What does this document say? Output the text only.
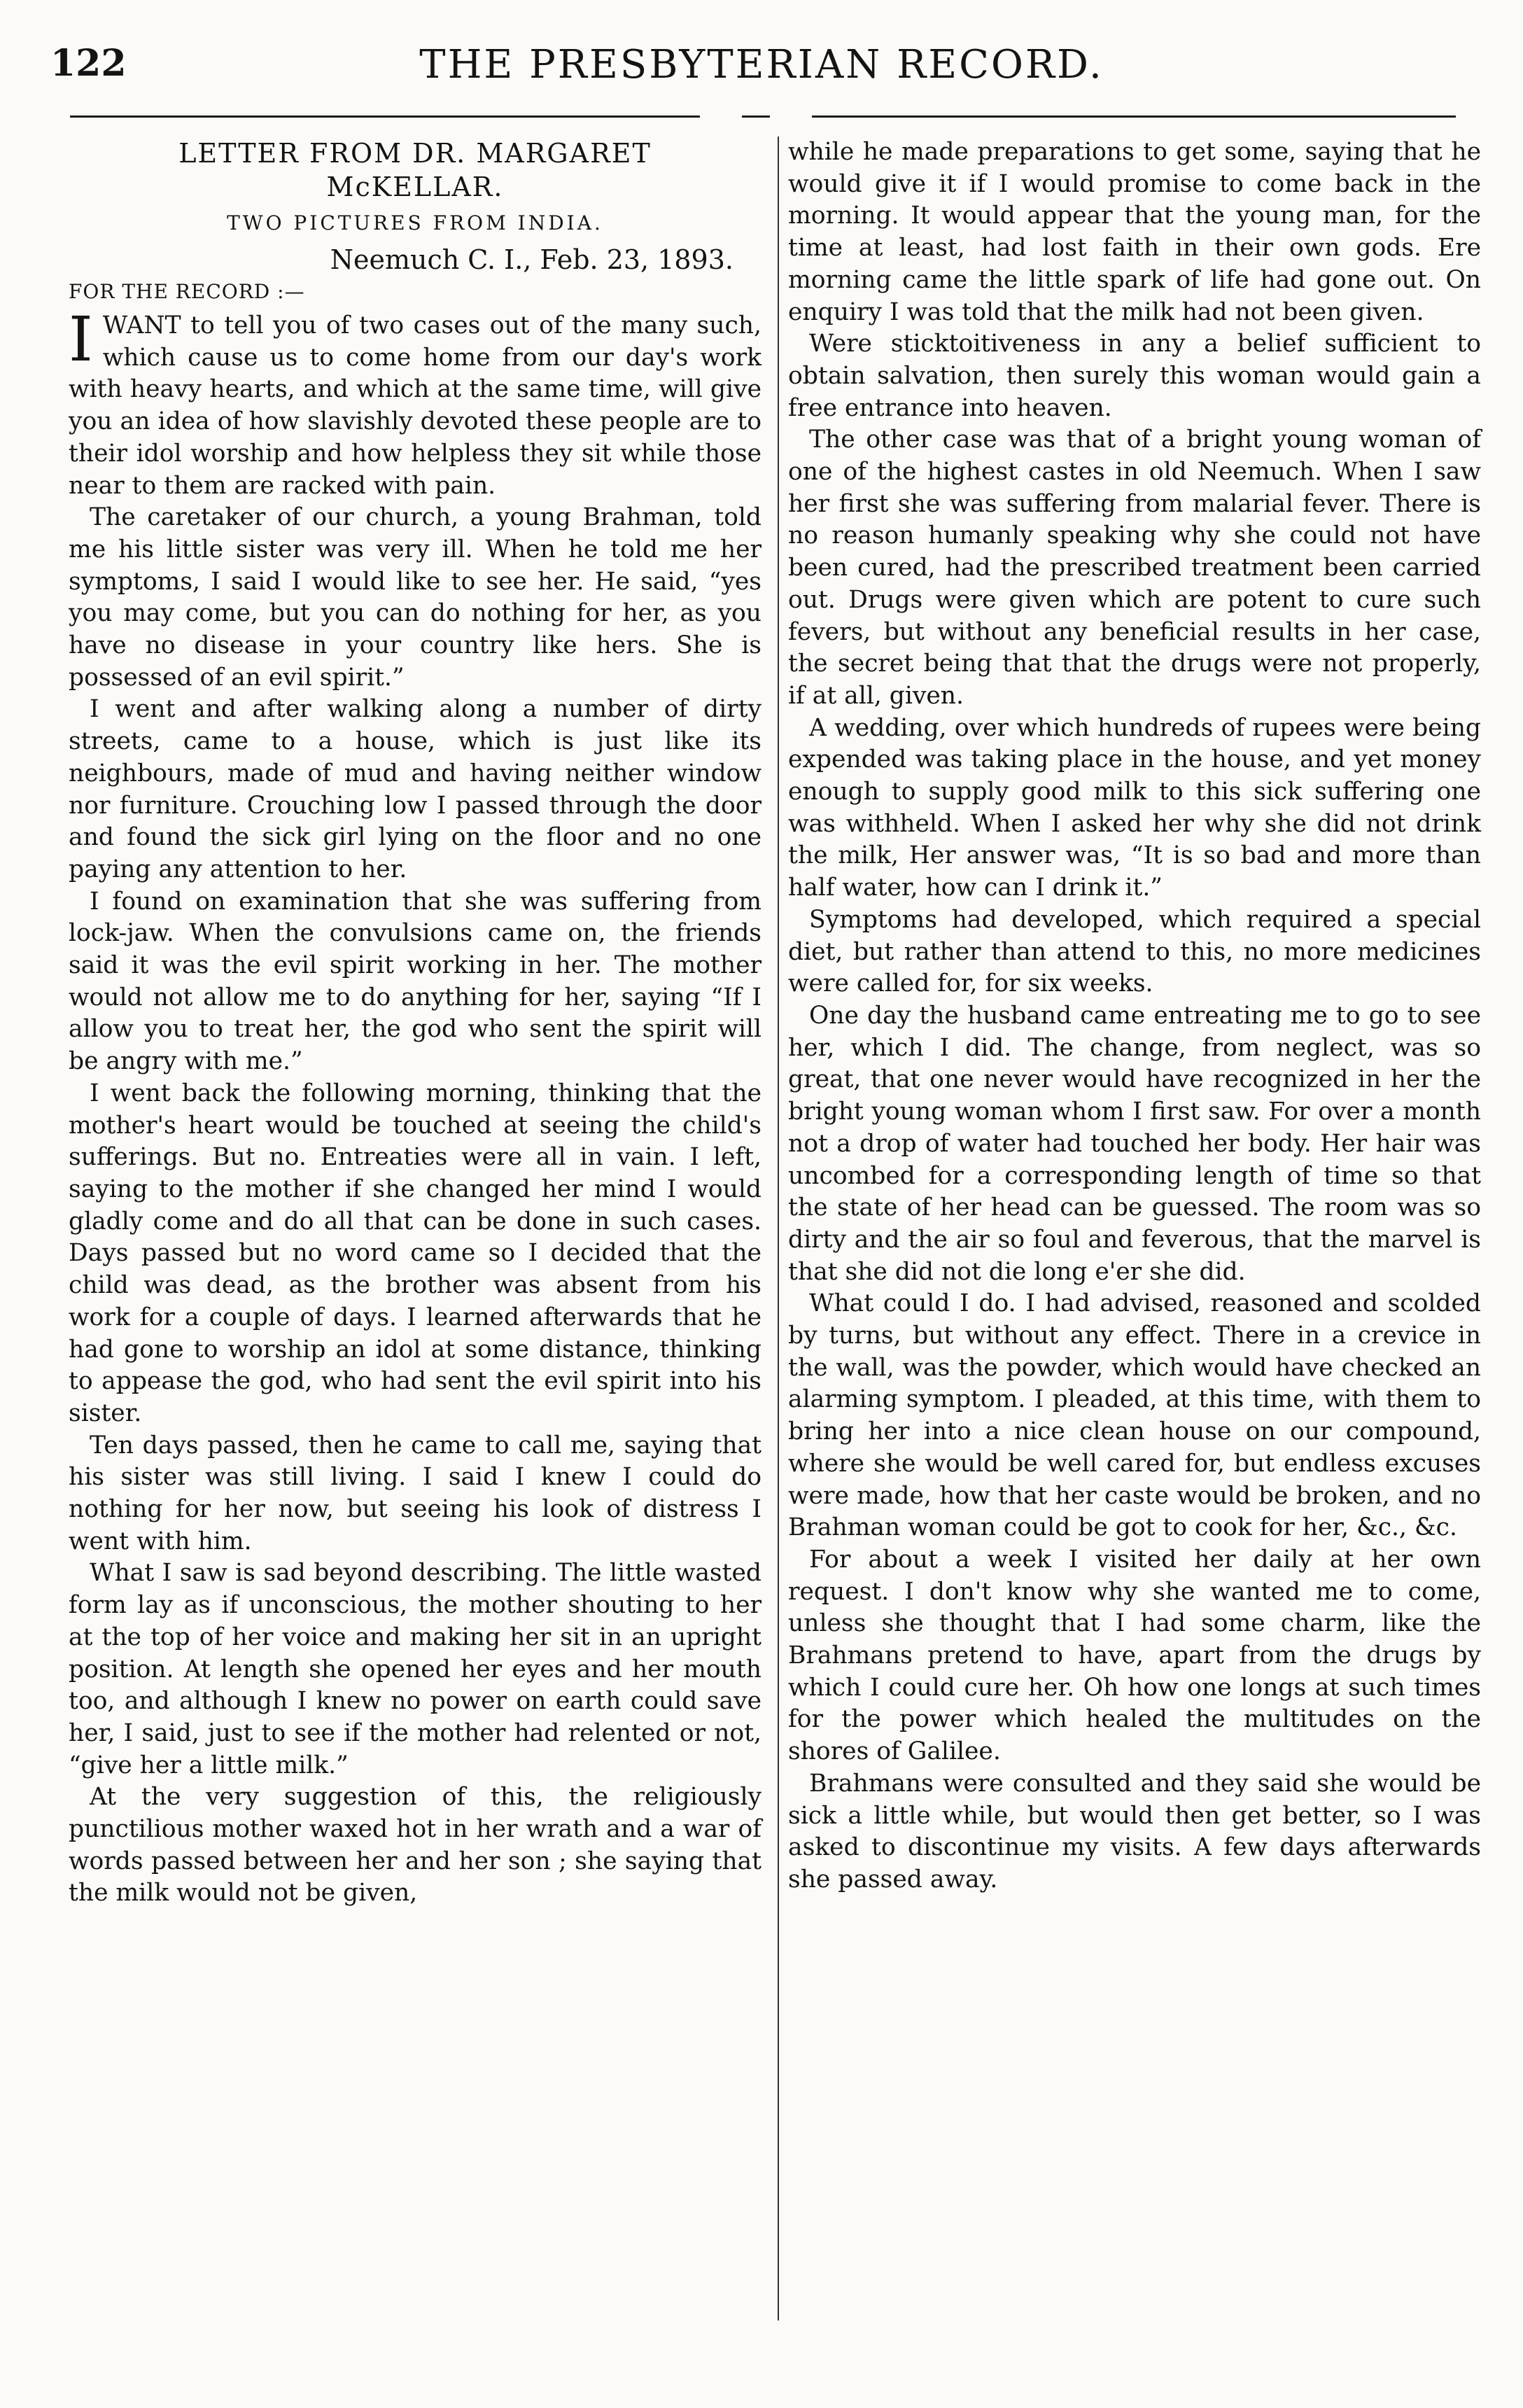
122	THE PRESBYTERIAN RECORD.
LETTER FROM DR. MARGARET
McKELLAR.
TWO PICTURES FROM INDIA.
Neemuch C. I., Feb. 23, 1893.
FOR THE RECORD :—

IWANT to tell you of two cases out of the many such, which cause us to come home from our day's work with heavy hearts, and which at the same time, will give you an idea of how slavishly devoted these people are to their idol worship and how helpless they sit while those near to them are racked with pain.

The caretaker of our church, a young Brahman, told me his little sister was very ill. When he told me her symptoms, I said I would like to see her. He said, “yes you may come, but you can do nothing for her, as you have no disease in your country like hers. She is possessed of an evil spirit.”

I went and after walking along a number of dirty streets, came to a house, which is just like its neighbours, made of mud and having neither window nor furniture. Crouching low I passed through the door and found the sick girl lying on the floor and no one paying any attention to her.

I found on examination that she was suffering from lock-jaw. When the convulsions came on, the friends said it was the evil spirit working in her. The mother would not allow me to do anything for her, saying “If I allow you to treat her, the god who sent the spirit will be angry with me.”

I went back the following morning, thinking that the mother's heart would be touched at seeing the child's sufferings. But no. Entreaties were all in vain. I left, saying to the mother if she changed her mind I would gladly come and do all that can be done in such cases. Days passed but no word came so I decided that the child was dead, as the brother was absent from his work for a couple of days. I learned afterwards that he had gone to worship an idol at some distance, thinking to appease the god, who had sent the evil spirit into his sister.

Ten days passed, then he came to call me, saying that his sister was still living. I said I knew I could do nothing for her now, but seeing his look of distress I went with him.

What I saw is sad beyond describing. The little wasted form lay as if unconscious, the mother shouting to her at the top of her voice and making her sit in an upright position. At length she opened her eyes and her mouth too, and although I knew no power on earth could save her, I said, just to see if the mother had relented or not, “give her a little milk.”

At the very suggestion of this, the religiously punctilious mother waxed hot in her wrath and a war of words passed between her and her son ; she saying that the milk would not be given,

while he made preparations to get some, saying that he would give it if I would promise to come back in the morning. It would appear that the young man, for the time at least, had lost faith in their own gods. Ere morning came the little spark of life had gone out. On enquiry I was told that the milk had not been given.

Were sticktoitiveness in any a belief sufficient to obtain salvation, then surely this woman would gain a free entrance into heaven.

The other case was that of a bright young woman of one of the highest castes in old Neemuch. When I saw her first she was suffering from malarial fever. There is no reason humanly speaking why she could not have been cured, had the prescribed treatment been carried out. Drugs were given which are potent to cure such fevers, but without any beneficial results in her case, the secret being that that the drugs were not properly, if at all, given.

A wedding, over which hundreds of rupees were being expended was taking place in the house, and yet money enough to supply good milk to this sick suffering one was withheld. When I asked her why she did not drink the milk, Her answer was, “It is so bad and more than half water, how can I drink it.”

Symptoms had developed, which required a special diet, but rather than attend to this, no more medicines were called for, for six weeks.

One day the husband came entreating me to go to see her, which I did. The change, from neglect, was so great, that one never would have recognized in her the bright young woman whom I first saw. For over a month not a drop of water had touched her body. Her hair was uncombed for a corresponding length of time so that the state of her head can be guessed. The room was so dirty and the air so foul and feverous, that the marvel is that she did not die long e'er she did.

What could I do. I had advised, reasoned and scolded by turns, but without any effect. There in a crevice in the wall, was the powder, which would have checked an alarming symptom. I pleaded, at this time, with them to bring her into a nice clean house on our compound, where she would be well cared for, but endless excuses were made, how that her caste would be broken, and no Brahman woman could be got to cook for her, &c., &c.

For about a week I visited her daily at her own request. I don't know why she wanted me to come, unless she thought that I had some charm, like the Brahmans pretend to have, apart from the drugs by which I could cure her. Oh how one longs at such times for the power which healed the multitudes on the shores of Galilee.

Brahmans were consulted and they said she would be sick a little while, but would then get better, so I was asked to discontinue my visits. A few days afterwards she passed away.
